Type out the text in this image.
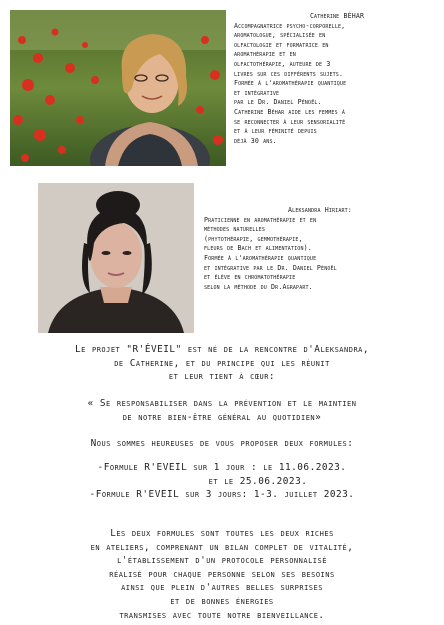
Catherine BÉHAR
Accompagnatrice psycho-corporelle,
aromatologue, spécialisée en
olfactologie et formatrice en
aromathérapie et en
olfactothérapie, auteure de 3
livres sur ces différents sujets.
Formée à l'aromathérapie quantique
et intégrative
par le Dr. Daniel Pénoël.
Catherine Béhar aide les femmes à
se reconnecter à leur sensorialité
et à leur féminité depuis
déjà 30 ans.
Aleksandra Hiriart:
Praticienne en aromathérapie et en
méthodes naturelles
(phytothérapie, gemmothérapie,
fleurs de Bach et alimentation).
Formée à l'aromathérapie quantique
et intégrative par le Dr. Daniel Pénoël
et élève en chromatothérapie
selon la méthode du Dr.Agrapart.
Le projet "R'ÉVEIL" est né de la rencontre d'Aleksandra,
de Catherine, et du principe qui les réunit
et leur tient à cœur:
« Se responsabiliser dans la prévention et le maintien
de notre bien-être général au quotidien»
Nous sommes heureuses de vous proposer deux formules:
-Formule R'EVEIL sur 1 jour : le 11.06.2023.
et le 25.06.2023.
-Formule R'EVEIL sur 3 jours: 1-3. juillet 2023.
Les deux formules sont toutes les deux riches
en ateliers, comprenant un bilan complet de vitalité,
l'établissement d'un protocole personnalisé
réalisé pour chaque personne selon ses besoins
ainsi que plein d'autres belles surprises
et de bonnes énergies
transmises avec toute notre bienveillance.
